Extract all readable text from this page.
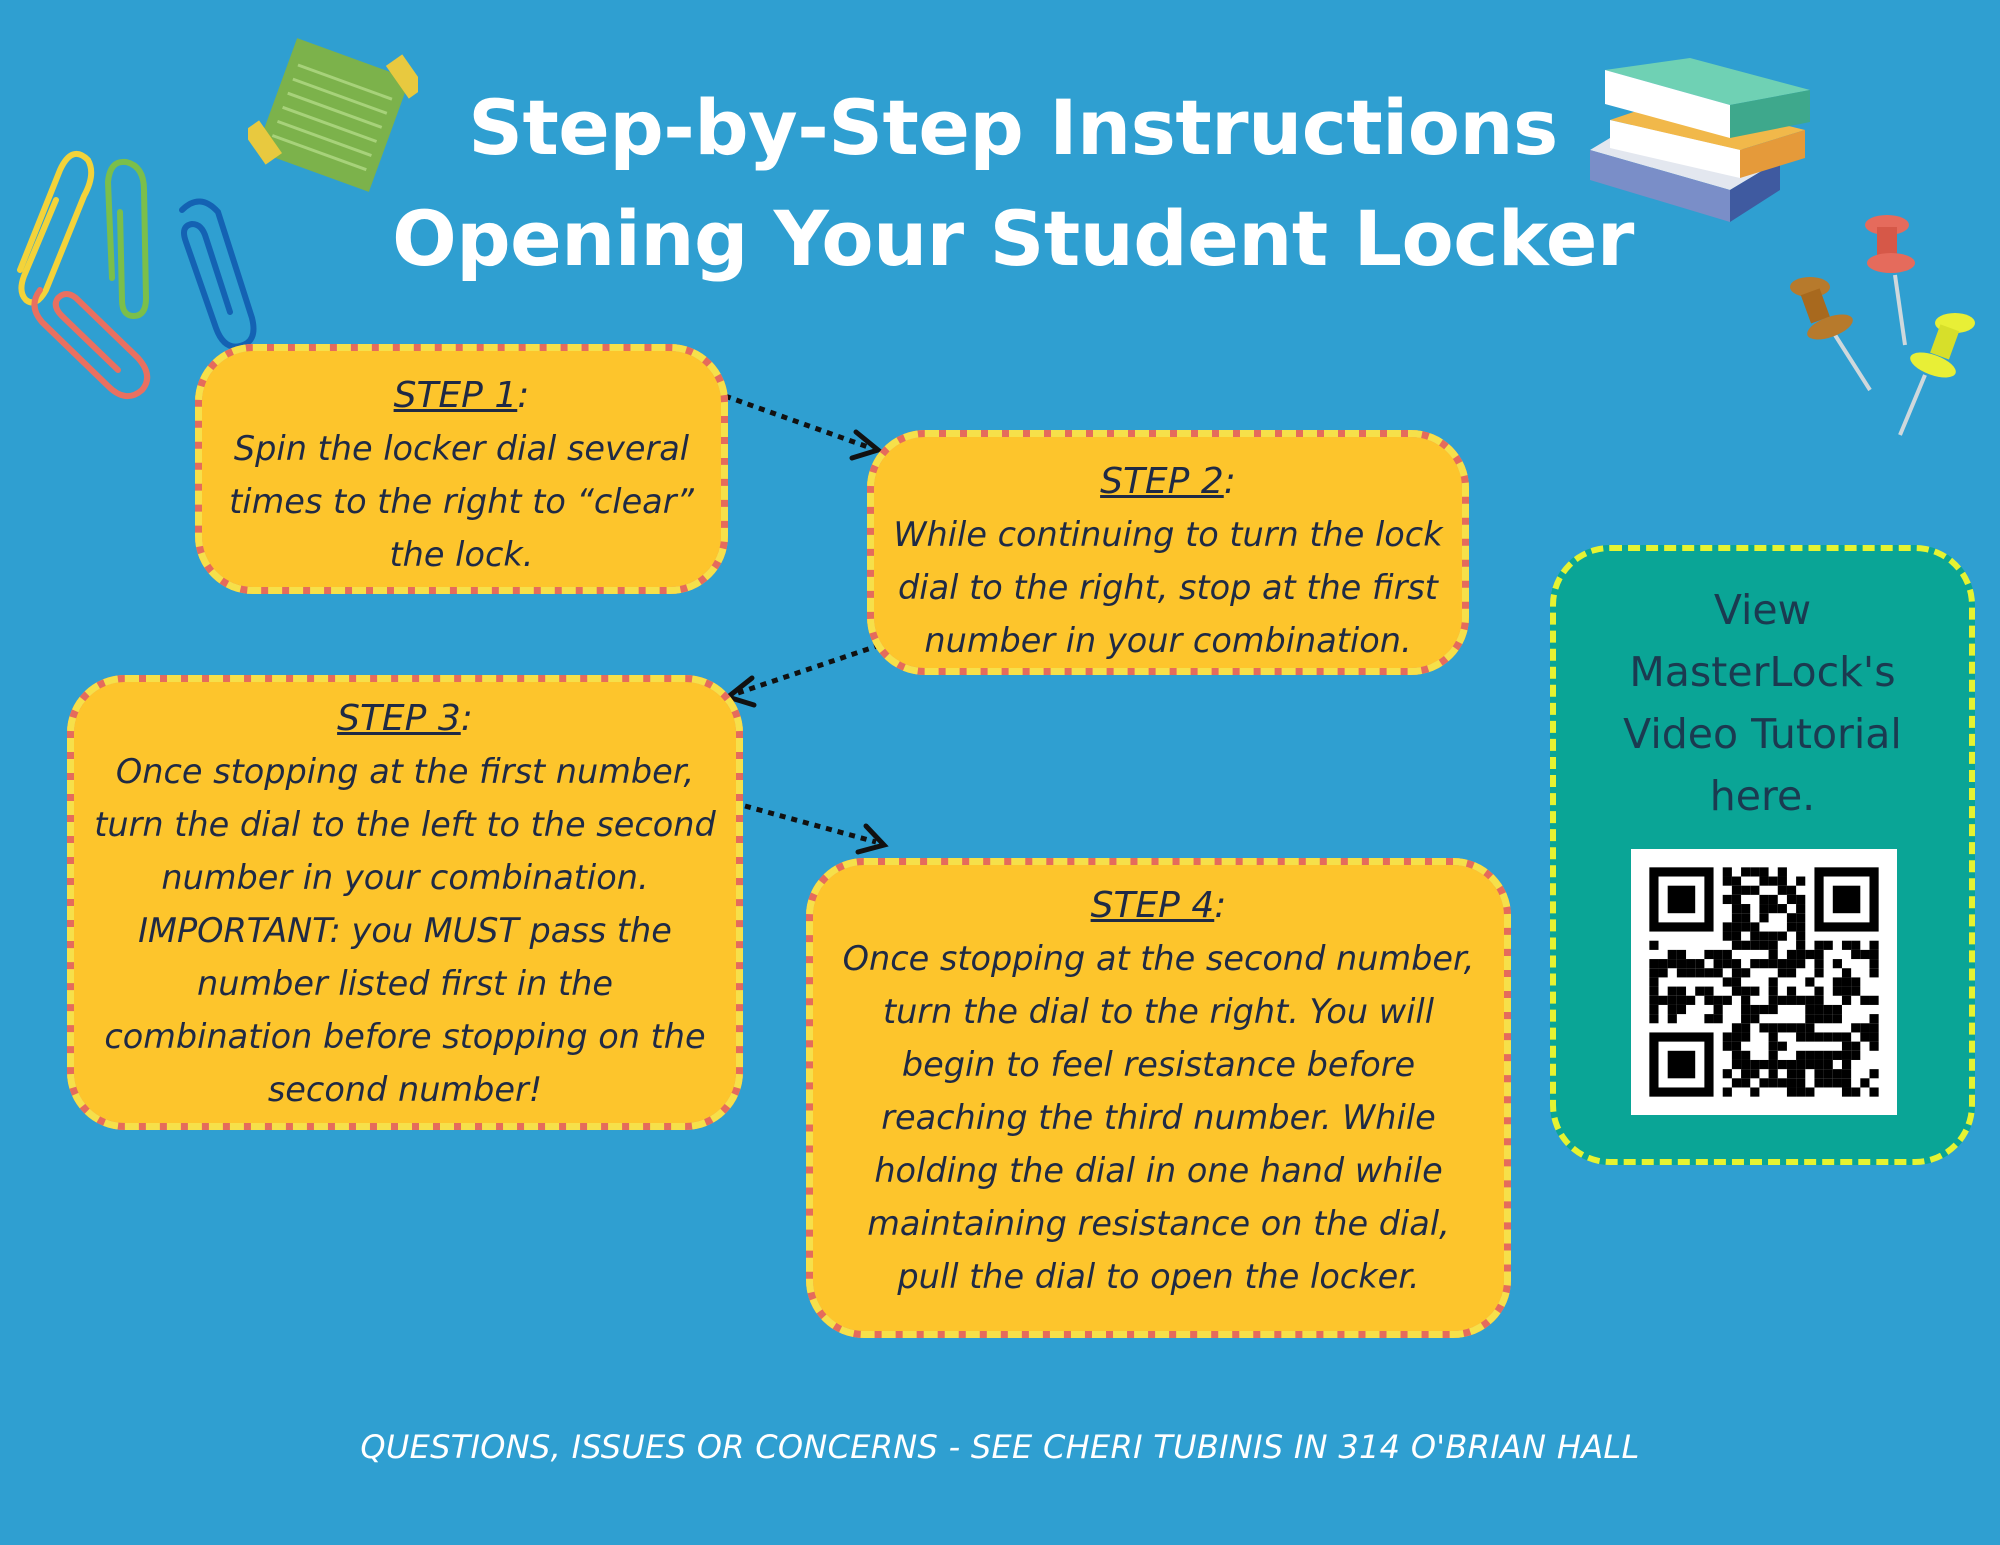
Step-by-Step Instructions
Opening Your Student Locker
STEP 1:
Spin the locker dial several
times to the right to “clear”
the lock.
STEP 2:
While continuing to turn the lock
dial to the right, stop at the first
number in your combination.
STEP 3:
Once stopping at the first number,
turn the dial to the left to the second
number in your combination.
IMPORTANT: you MUST pass the
number listed first in the
combination before stopping on the
second number!
STEP 4:
Once stopping at the second number,
turn the dial to the right. You will
begin to feel resistance before
reaching the third number. While
holding the dial in one hand while
maintaining resistance on the dial,
pull the dial to open the locker.
View
MasterLock's
Video Tutorial
here.
QUESTIONS, ISSUES OR CONCERNS - SEE CHERI TUBINIS IN 314 O'BRIAN HALL
